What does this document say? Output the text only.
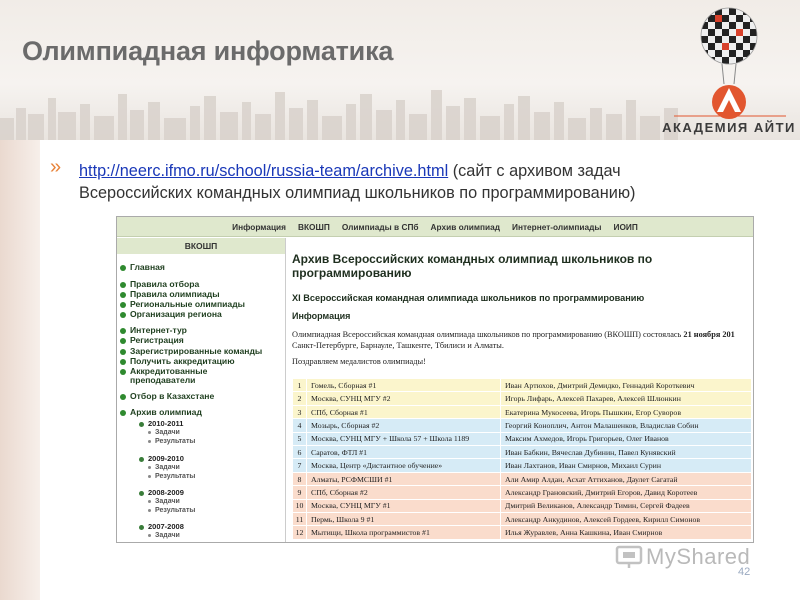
Олимпиадная информатика
АКАДЕМИЯ АЙТИ
» http://neerc.ifmo.ru/school/russia-team/archive.html (сайт с архивом задач Всероссийских командных олимпиад школьников по программированию)
Информация ВКОШП Олимпиады в СПб Архив олимпиад Интернет-олимпиады ИОИП
ВКОШП
Главная
Правила отбора
Правила олимпиады
Региональные олимпиады
Организация региона
Интернет-тур
Регистрация
Зарегистрированные команды
Получить аккредитацию
Аккредитованные
преподаватели
Отбор в Казахстане
Архив олимпиад
2010-2011
Задачи
Результаты
2009-2010
Задачи
Результаты
2008-2009
Задачи
Результаты
2007-2008
Задачи
Архив Всероссийских командных олимпиад школьников по программированию
XI Всероссийская командная олимпиада школьников по программированию
Информация
Олимпиадная Всероссийская командная олимпиада школьников по программированию (ВКОШП) состоялась 21 ноября 201
Санкт-Петербурге, Барнауле, Ташкенте, Тбилиси и Алматы.
Поздравляем медалистов олимпиады!
1	Гомель, Сборная #1	Иван Артюхов, Дмитрий Демидко, Геннадий Короткевич
2	Москва, СУНЦ МГУ #2	Игорь Лифарь, Алексей Пахарев, Алексей Шлюнкин
3	СПб, Сборная #1	Екатерина Мукосеева, Игорь Пышкин, Егор Суворов
4	Мозырь, Сборная #2	Георгий Коноплич, Антон Малашенков, Владислав Собин
5	Москва, СУНЦ МГУ + Школа 57 + Школа 1189	Максим Ахмедов, Игорь Григорьев, Олег Иванов
6	Саратов, ФТЛ #1	Иван Бабкин, Вячеслав Дубинин, Павел Кунявский
7	Москва, Центр «Дистантное обучение»	Иван Лахтанов, Иван Смирнов, Михаил Сурин
8	Алматы, РСФМСШИ #1	Али Амир Алдан, Асхат Аттиханов, Даулет Сагатай
9	СПб, Сборная #2	Александр Грановский, Дмитрий Егоров, Давид Коротеев
10	Москва, СУНЦ МГУ #1	Дмитрий Великанов, Александр Тимин, Сергей Фадеев
11	Пермь, Школа 9 #1	Александр Анкудинов, Алексей Гордеев, Кирилл Симонов
12	Мытищи, Школа программистов #1	Илья Журавлев, Анна Кашкина, Иван Смирнов
MyShared
42
